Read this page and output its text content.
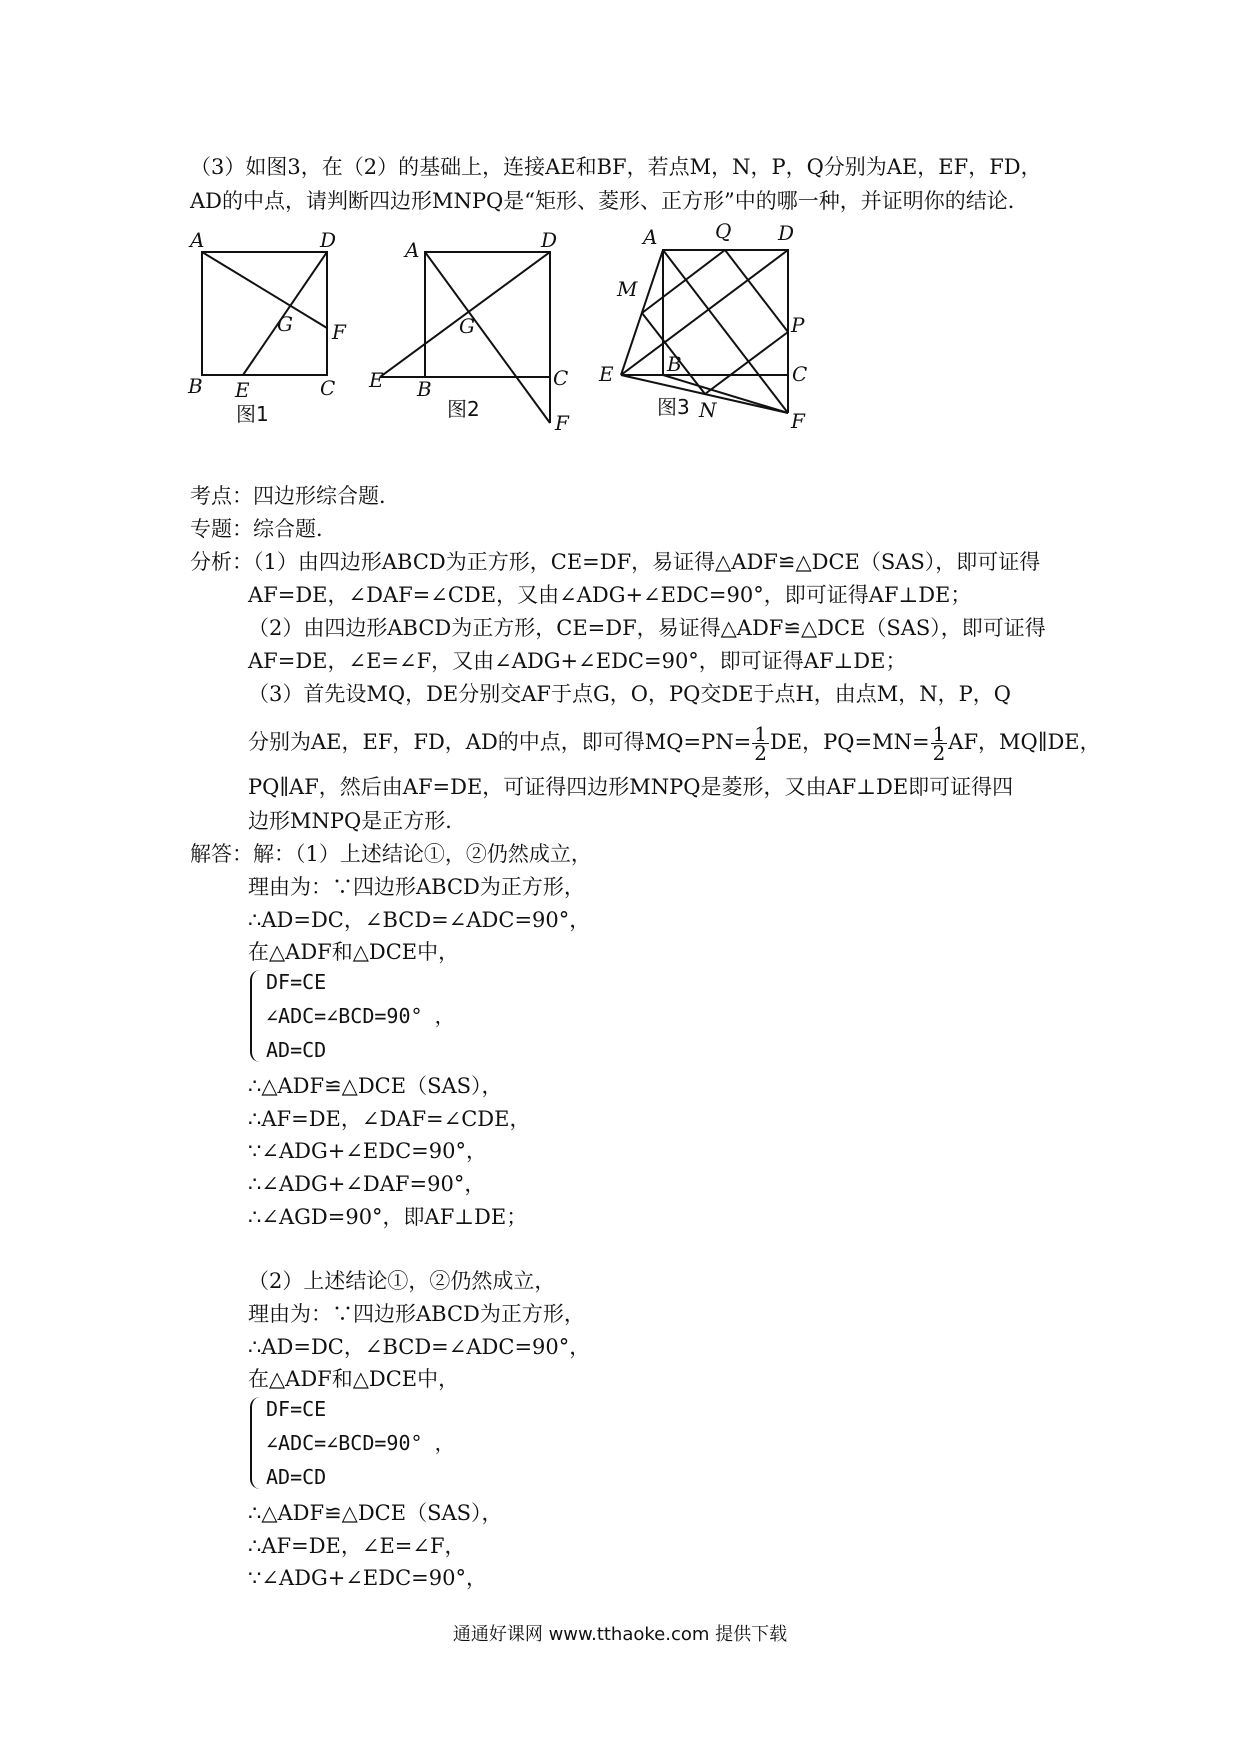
（3）如图3，在（2）的基础上，连接AE和BF，若点M，N，P，Q分别为AE，EF，FD，
AD的中点，请判断四边形MNPQ是“矩形、菱形、正方形”中的哪一种，并证明你的结论．
A	D
B	C
E
F
G
图1
A	D
E B	C
F
G
图2
A	Q D
M
P
E	B	C
N	F
图3
考点：四边形综合题．
专题：综合题．
分析：（1）由四边形ABCD为正方形，CE=DF，易证得△ADF≌△DCE（SAS），即可证得
AF=DE，∠DAF=∠CDE，又由∠ADG+∠EDC=90°，即可证得AF⊥DE；
（2）由四边形ABCD为正方形，CE=DF，易证得△ADF≌△DCE（SAS），即可证得
AF=DE，∠E=∠F，又由∠ADG+∠EDC=90°，即可证得AF⊥DE；
（3）首先设MQ，DE分别交AF于点G，O，PQ交DE于点H，由点M，N，P，Q
分别为AE，EF，FD，AD的中点，即可得$MQ=PN= \frac{1}{2}$ DE，$PQ=MN= \frac{1}{2}$ AF，MQ∥DE，
PQ∥AF，然后由AF=DE，可证得四边形MNPQ是菱形，又由AF⊥DE即可证得四
边形MNPQ是正方形．
解答：解：（1）上述结论①，②仍然成立，
理由为：∵四边形ABCD为正方形，
∴AD=DC，∠BCD=∠ADC=90°，
在△ADF和△DCE中，
DF=CE
∠ADC=∠BCD=90° ，
AD=CD
∴△ADF≌△DCE（SAS），
∴AF=DE，∠DAF=∠CDE，
∵∠ADG+∠EDC=90°，
∴∠ADG+∠DAF=90°，
∴∠AGD=90°，即AF⊥DE；
（2）上述结论①，②仍然成立，
理由为：∵四边形ABCD为正方形，
∴AD=DC，∠BCD=∠ADC=90°，
在△ADF和△DCE中，
DF=CE
∠ADC=∠BCD=90° ，
AD=CD
∴△ADF≌△DCE（SAS），
∴AF=DE，∠E=∠F，
∵∠ADG+∠EDC=90°，
通通好课网 www.tthaoke.com 提供下载
